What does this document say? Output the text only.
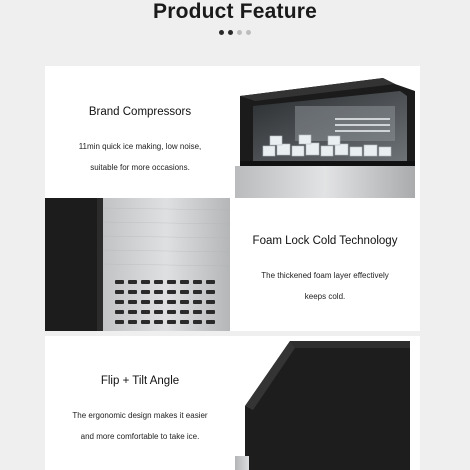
Product Feature
Brand Compressors
11min quick ice making, low noise,
suitable for more occasions.
Foam Lock Cold Technology
The thickened foam layer effectively
keeps cold.
Flip + Tilt Angle
The ergonomic design makes it easier
and more comfortable to take ice.
